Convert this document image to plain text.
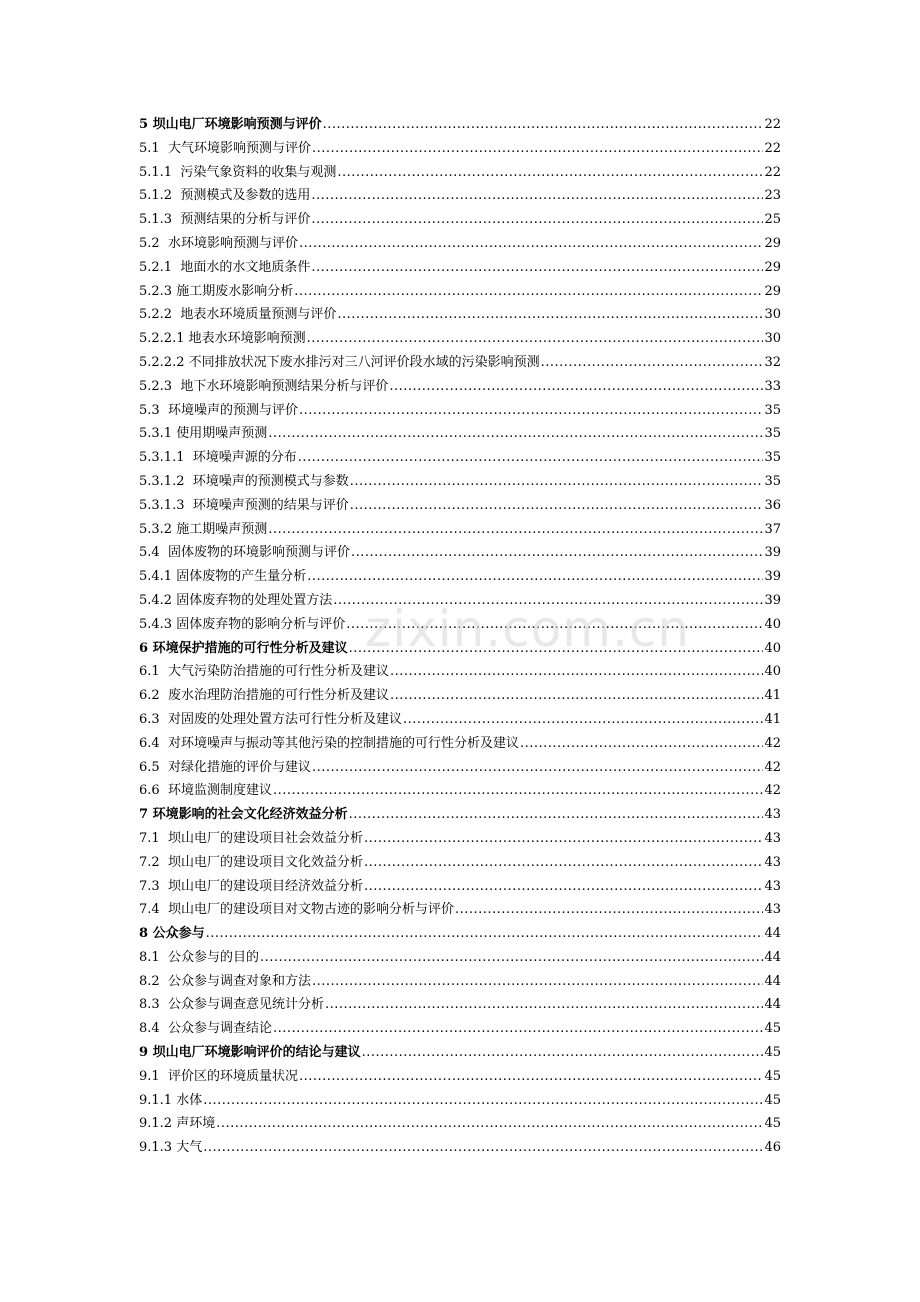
5 坝山电厂环境影响预测与评价 .....	22
5.1  大气环境影响预测与评价 .....	22
5.1.1  污染气象资料的收集与观测 .....	22
5.1.2  预测模式及参数的选用 .....	23
5.1.3  预测结果的分析与评价 .....	25
5.2  水环境影响预测与评价 .....	29
5.2.1  地面水的水文地质条件 .....	29
5.2.3 施工期废水影响分析 .....	29
5.2.2  地表水环境质量预测与评价 .....	30
5.2.2.1 地表水环境影响预测 .....	30
5.2.2.2 不同排放状况下废水排污对三八河评价段水域的污染影响预测 .....	32
5.2.3  地下水环境影响预测结果分析与评价 .....	33
5.3  环境噪声的预测与评价 .....	35
5.3.1 使用期噪声预测 .....	35
5.3.1.1  环境噪声源的分布 .....	35
5.3.1.2  环境噪声的预测模式与参数 .....	35
5.3.1.3  环境噪声预测的结果与评价 .....	36
5.3.2 施工期噪声预测 .....	37
5.4  固体废物的环境影响预测与评价 .....	39
5.4.1 固体废物的产生量分析 .....	39
5.4.2 固体废弃物的处理处置方法 .....	39
5.4.3 固体废弃物的影响分析与评价 .....	40
6 环境保护措施的可行性分析及建议 .....	40
6.1  大气污染防治措施的可行性分析及建议 .....	40
6.2  废水治理防治措施的可行性分析及建议 .....	41
6.3  对固废的处理处置方法可行性分析及建议 .....	41
6.4  对环境噪声与振动等其他污染的控制措施的可行性分析及建议 .....	42
6.5  对绿化措施的评价与建议 .....	42
6.6  环境监测制度建议 .....	42
7 环境影响的社会文化经济效益分析 .....	43
7.1  坝山电厂的建设项目社会效益分析 .....	43
7.2  坝山电厂的建设项目文化效益分析 .....	43
7.3  坝山电厂的建设项目经济效益分析 .....	43
7.4  坝山电厂的建设项目对文物古迹的影响分析与评价 .....	43
8 公众参与 .....	44
8.1  公众参与的目的 .....	44
8.2  公众参与调查对象和方法 .....	44
8.3  公众参与调查意见统计分析 .....	44
8.4  公众参与调查结论 .....	45
9 坝山电厂环境影响评价的结论与建议 .....	45
9.1  评价区的环境质量状况 .....	45
9.1.1 水体 .....	45
9.1.2 声环境 .....	45
9.1.3 大气 .....	46
zixin.com.cn
